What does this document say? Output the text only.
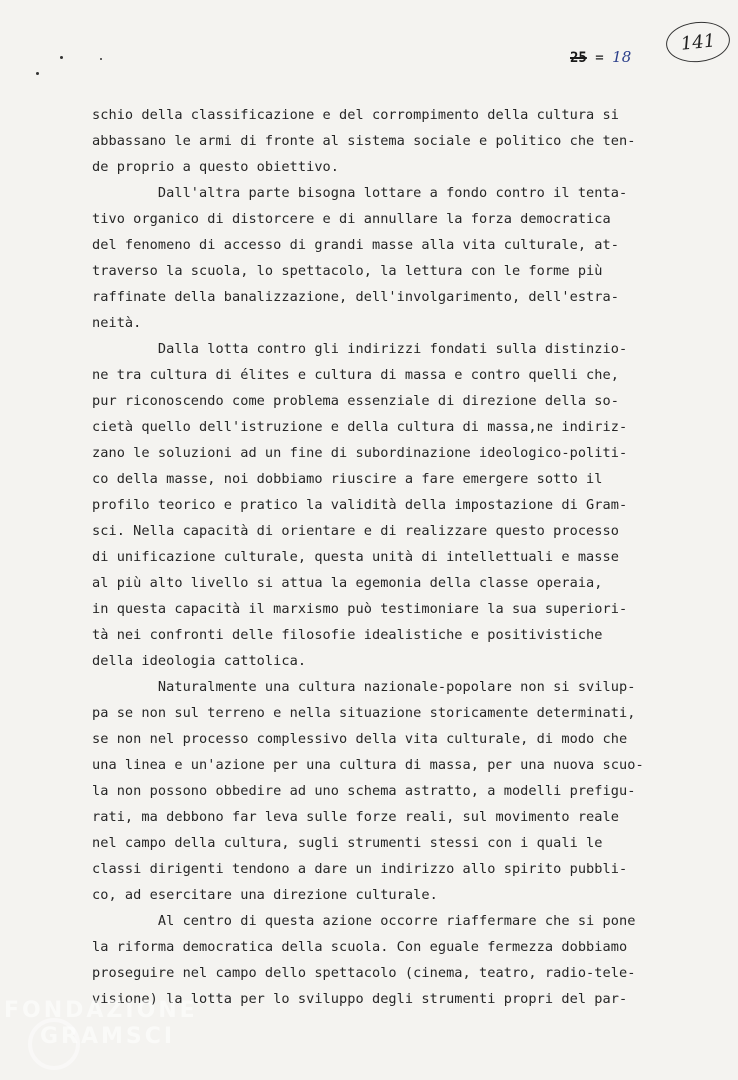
141
25 = 18
schio della classificazione e del corrompimento della cultura si
abbassano le armi di fronte al sistema sociale e politico che ten-
de proprio a questo obiettivo.
Dall'altra parte bisogna lottare a fondo contro il tenta-
tivo organico di distorcere e di annullare la forza democratica
del fenomeno di accesso di grandi masse alla vita culturale, at-
traverso la scuola, lo spettacolo, la lettura con le forme più
raffinate della banalizzazione, dell'involgarimento, dell'estra-
neità.
Dalla lotta contro gli indirizzi fondati sulla distinzio-
ne tra cultura di élites e cultura di massa e contro quelli che,
pur riconoscendo come problema essenziale di direzione della so-
cietà quello dell'istruzione e della cultura di massa,ne indiriz-
zano le soluzioni ad un fine di subordinazione ideologico-politi-
co della masse, noi dobbiamo riuscire a fare emergere sotto il
profilo teorico e pratico la validità della impostazione di Gram-
sci. Nella capacità di orientare e di realizzare questo processo
di unificazione culturale, questa unità di intellettuali e masse
al più alto livello si attua la egemonia della classe operaia,
in questa capacità il marxismo può testimoniare la sua superiori-
tà nei confronti delle filosofie idealistiche e positivistiche
della ideologia cattolica.
Naturalmente una cultura nazionale-popolare non si svilup-
pa se non sul terreno e nella situazione storicamente determinati,
se non nel processo complessivo della vita culturale, di modo che
una linea e un'azione per una cultura di massa, per una nuova scuo-
la non possono obbedire ad uno schema astratto, a modelli prefigu-
rati, ma debbono far leva sulle forze reali, sul movimento reale
nel campo della cultura, sugli strumenti stessi con i quali le
classi dirigenti tendono a dare un indirizzo allo spirito pubbli-
co, ad esercitare una direzione culturale.
Al centro di questa azione occorre riaffermare che si pone
la riforma democratica della scuola. Con eguale fermezza dobbiamo
proseguire nel campo dello spettacolo (cinema, teatro, radio-tele-
visione) la lotta per lo sviluppo degli strumenti propri del par-
FONDAZIONE
GRAMSCI
